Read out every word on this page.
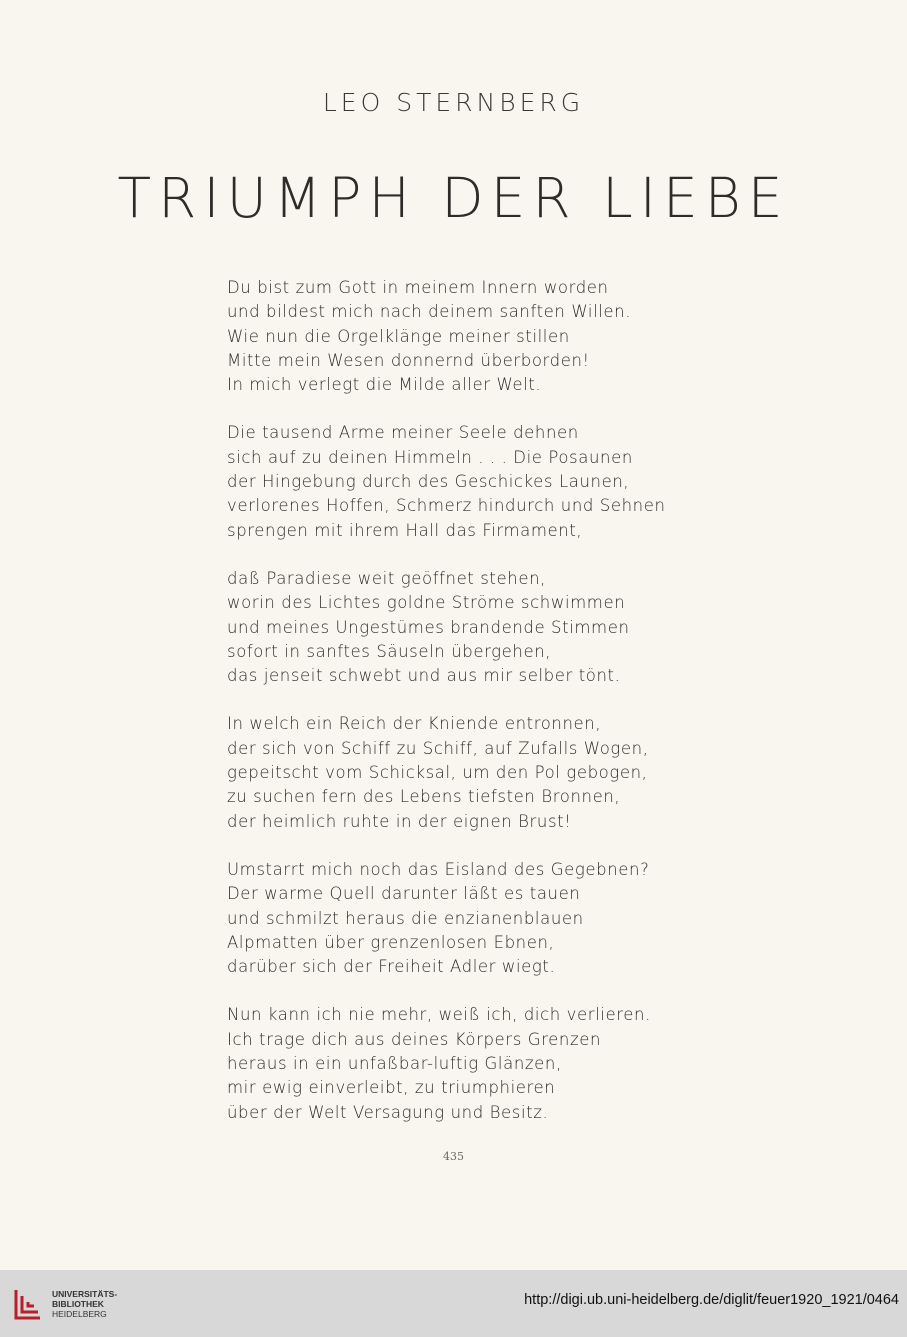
LEO STERNBERG
TRIUMPH DER LIEBE
Du bist zum Gott in meinem Innern worden
und bildest mich nach deinem sanften Willen.
Wie nun die Orgelklänge meiner stillen
Mitte mein Wesen donnernd überborden!
In mich verlegt die Milde aller Welt.
Die tausend Arme meiner Seele dehnen
sich auf zu deinen Himmeln . . . Die Posaunen
der Hingebung durch des Geschickes Launen,
verlorenes Hoffen, Schmerz hindurch und Sehnen
sprengen mit ihrem Hall das Firmament,
daß Paradiese weit geöffnet stehen,
worin des Lichtes goldne Ströme schwimmen
und meines Ungestümes brandende Stimmen
sofort in sanftes Säuseln übergehen,
das jenseit schwebt und aus mir selber tönt.
In welch ein Reich der Kniende entronnen,
der sich von Schiff zu Schiff, auf Zufalls Wogen,
gepeitscht vom Schicksal, um den Pol gebogen,
zu suchen fern des Lebens tiefsten Bronnen,
der heimlich ruhte in der eignen Brust!
Umstarrt mich noch das Eisland des Gegebnen?
Der warme Quell darunter läßt es tauen
und schmilzt heraus die enzianenblauen
Alpmatten über grenzenlosen Ebnen,
darüber sich der Freiheit Adler wiegt.
Nun kann ich nie mehr, weiß ich, dich verlieren.
Ich trage dich aus deines Körpers Grenzen
heraus in ein unfaßbar-luftig Glänzen,
mir ewig einverleibt, zu triumphieren
über der Welt Versagung und Besitz.
435
UNIVERSITÄTS-
BIBLIOTHEK
HEIDELBERG
http://digi.ub.uni-heidelberg.de/diglit/feuer1920_1921/0464
